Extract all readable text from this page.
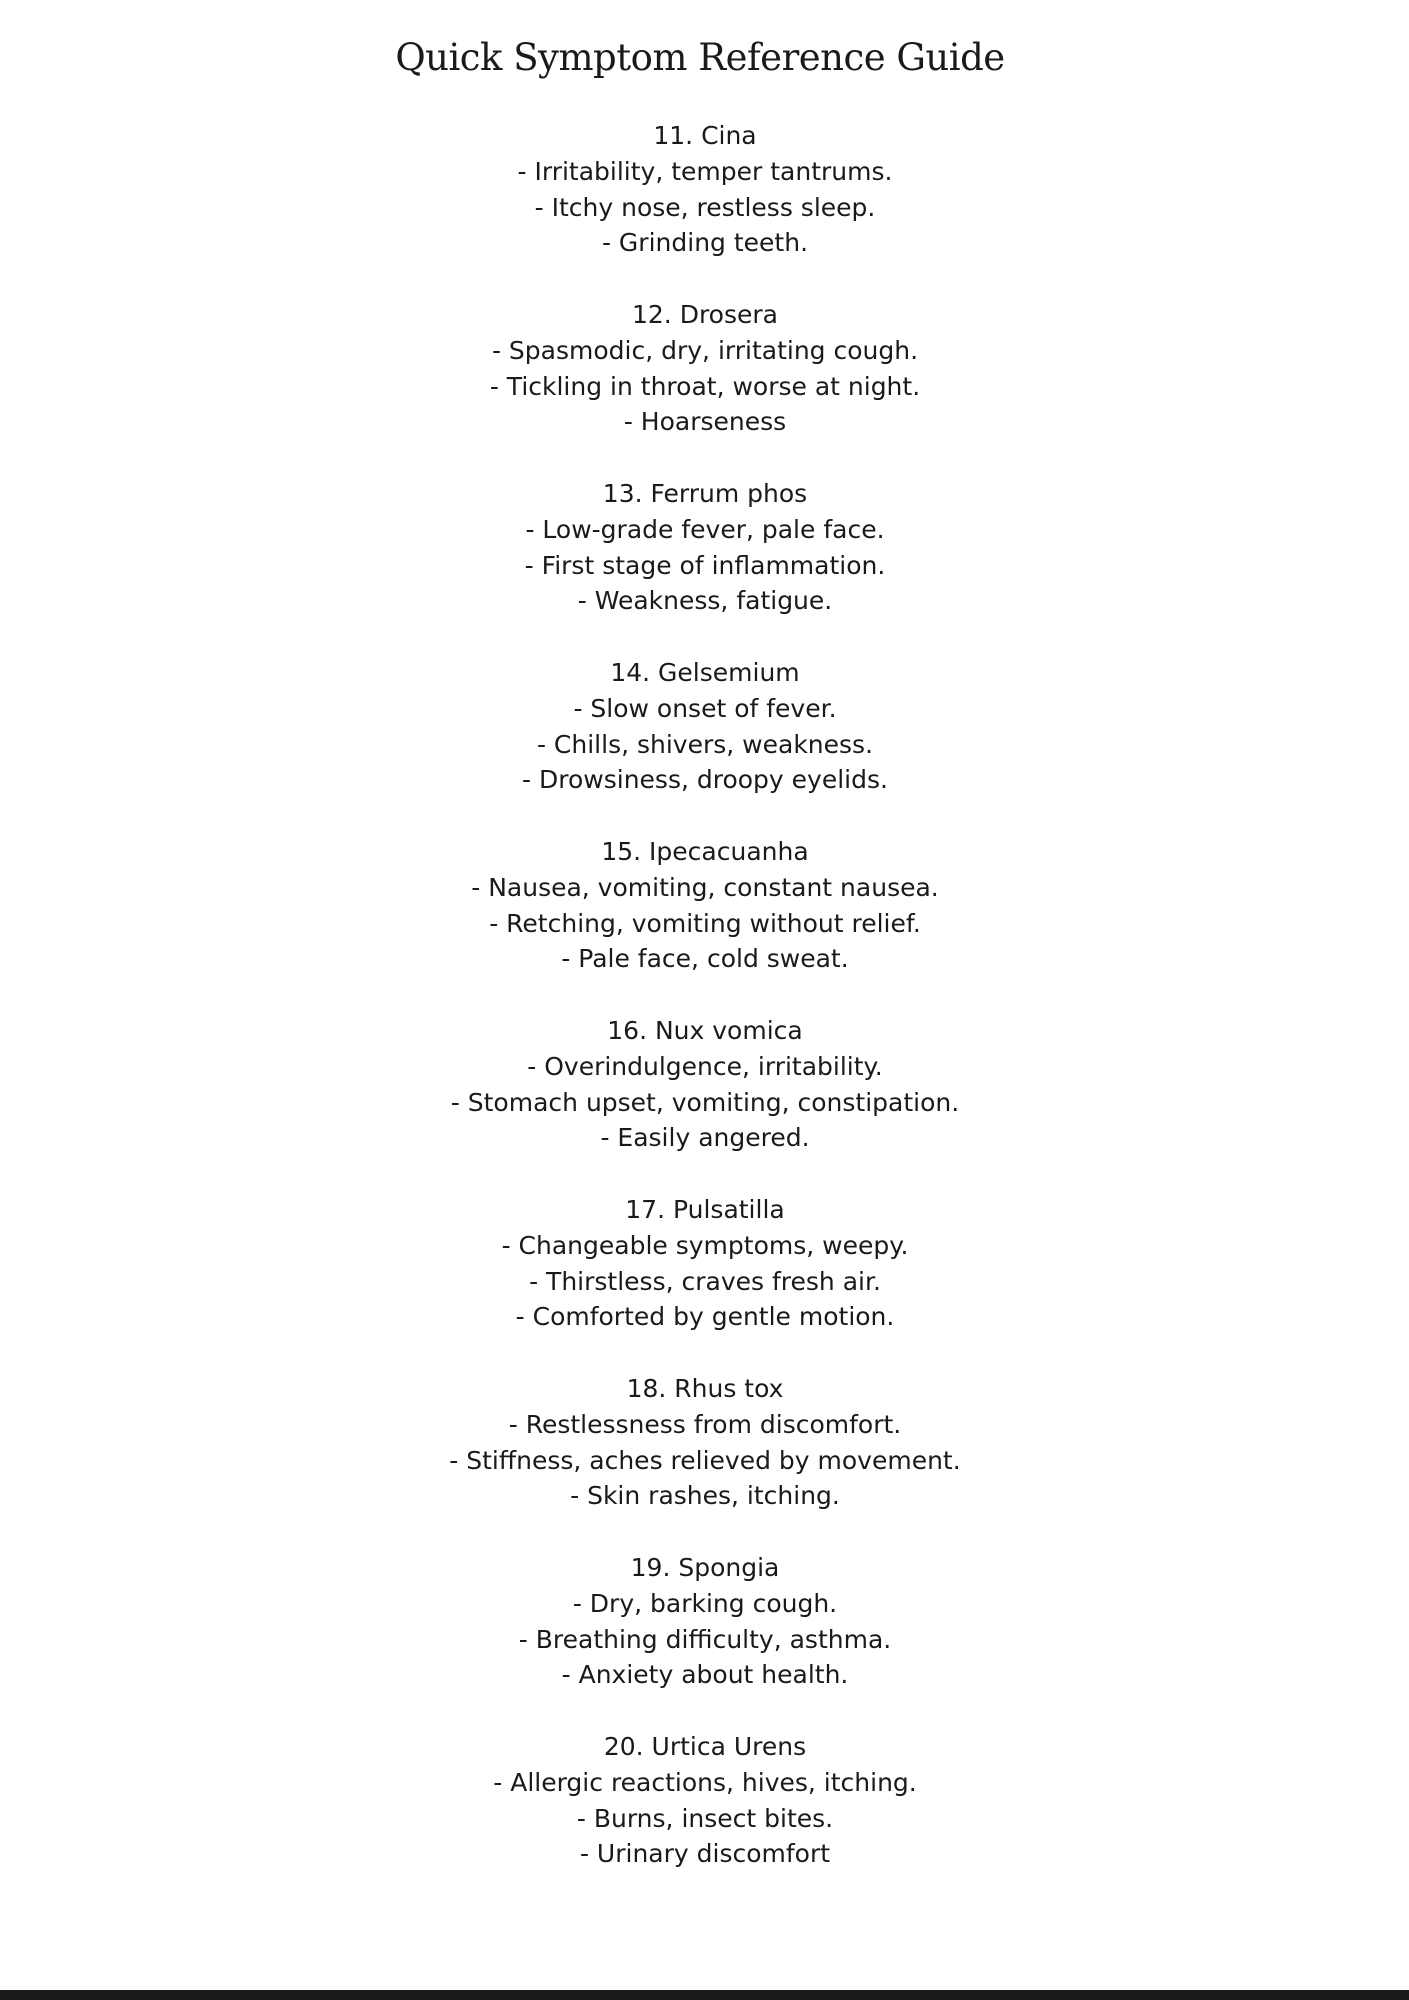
Quick Symptom Reference Guide
11. Cina
- Irritability, temper tantrums.
- Itchy nose, restless sleep.
- Grinding teeth.
12. Drosera
- Spasmodic, dry, irritating cough.
- Tickling in throat, worse at night.
- Hoarseness
13. Ferrum phos
- Low-grade fever, pale face.
- First stage of inflammation.
- Weakness, fatigue.
14. Gelsemium
- Slow onset of fever.
- Chills, shivers, weakness.
- Drowsiness, droopy eyelids.
15. Ipecacuanha
- Nausea, vomiting, constant nausea.
- Retching, vomiting without relief.
- Pale face, cold sweat.
16. Nux vomica
- Overindulgence, irritability.
- Stomach upset, vomiting, constipation.
- Easily angered.
17. Pulsatilla
- Changeable symptoms, weepy.
- Thirstless, craves fresh air.
- Comforted by gentle motion.
18. Rhus tox
- Restlessness from discomfort.
- Stiffness, aches relieved by movement.
- Skin rashes, itching.
19. Spongia
- Dry, barking cough.
- Breathing difficulty, asthma.
- Anxiety about health.
20. Urtica Urens
- Allergic reactions, hives, itching.
- Burns, insect bites.
- Urinary discomfort
